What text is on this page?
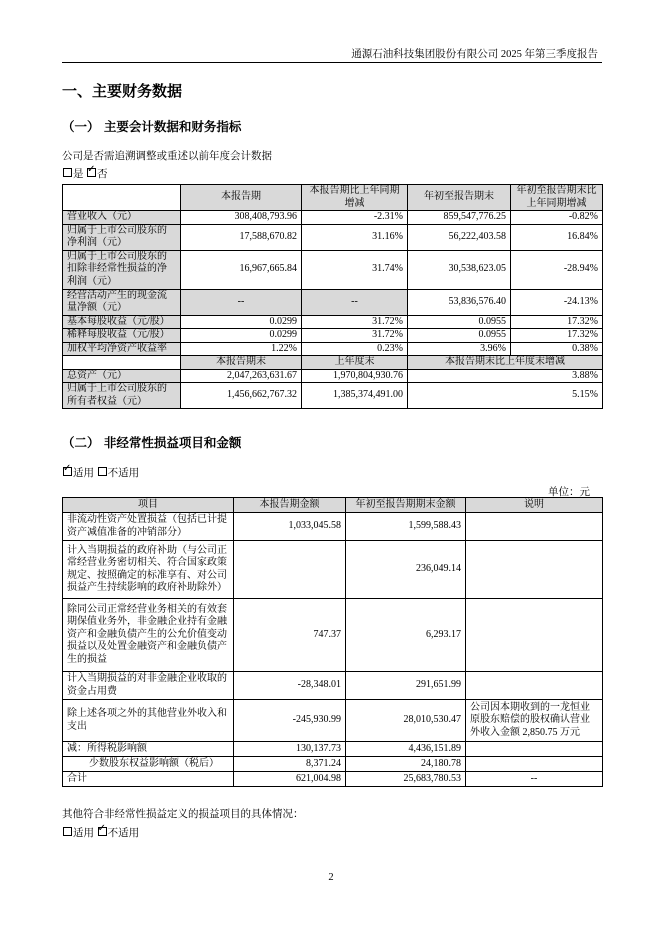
通源石油科技集团股份有限公司 2025 年第三季度报告
一、主要财务数据
（一） 主要会计数据和财务指标
公司是否需追溯调整或重述以前年度会计数据
是 ✓ 否
	本报告期	本报告期比上年同期增减	年初至报告期末	年初至报告期末比上年同期增减
营业收入（元）	308,408,793.96	-2.31%	859,547,776.25	-0.82%
归属于上市公司股东的净利润（元）	17,588,670.82	31.16%	56,222,403.58	16.84%
归属于上市公司股东的扣除非经常性损益的净利润（元）	16,967,665.84	31.74%	30,538,623.05	-28.94%
经营活动产生的现金流量净额（元）	--	--	53,836,576.40	-24.13%
基本每股收益（元/股）	0.0299	31.72%	0.0955	17.32%
稀释每股收益（元/股）	0.0299	31.72%	0.0955	17.32%
加权平均净资产收益率	1.22%	0.23%	3.96%	0.38%
	本报告期末	上年度末	本报告期末比上年度末增减	
总资产（元）	2,047,263,631.67	1,970,804,930.76	3.88%	
归属于上市公司股东的所有者权益（元）	1,456,662,767.32	1,385,374,491.00	5.15%	
（二） 非经常性损益项目和金额
✓适用 不适用
单位：元
项目	本报告期金额	年初至报告期期末金额	说明
非流动性资产处置损益（包括已计提资产减值准备的冲销部分）	1,033,045.58	1,599,588.43	
计入当期损益的政府补助（与公司正常经营业务密切相关、符合国家政策规定、按照确定的标准享有、对公司损益产生持续影响的政府补助除外）		236,049.14	
除同公司正常经营业务相关的有效套期保值业务外，非金融企业持有金融资产和金融负债产生的公允价值变动损益以及处置金融资产和金融负债产生的损益	747.37	6,293.17	
计入当期损益的对非金融企业收取的资金占用费	-28,348.01	291,651.99	
除上述各项之外的其他营业外收入和支出	-245,930.99	28,010,530.47	公司因本期收到的一龙恒业原股东赔偿的股权确认营业外收入金额 2,850.75 万元
减：所得税影响额	130,137.73	4,436,151.89	
少数股东权益影响额（税后）	8,371.24	24,180.78	
合计	621,004.98	25,683,780.53	--
其他符合非经常性损益定义的损益项目的具体情况：
适用 ✓ 不适用
2
